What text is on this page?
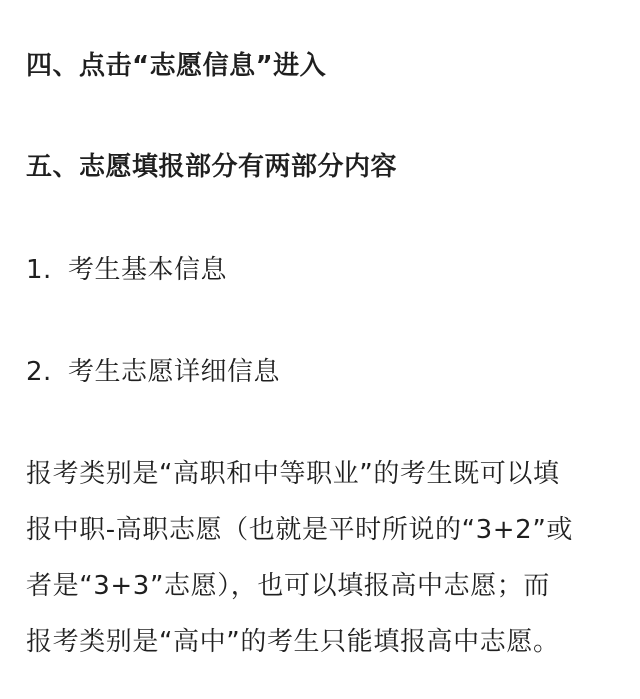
四、点击“志愿信息”进入
五、志愿填报部分有两部分内容
1. 考生基本信息
2. 考生志愿详细信息
报考类别是“高职和中等职业”的考生既可以填
报中职-高职志愿（也就是平时所说的“3+2”或
者是“3+3”志愿），也可以填报高中志愿；而
报考类别是“高中”的考生只能填报高中志愿。
